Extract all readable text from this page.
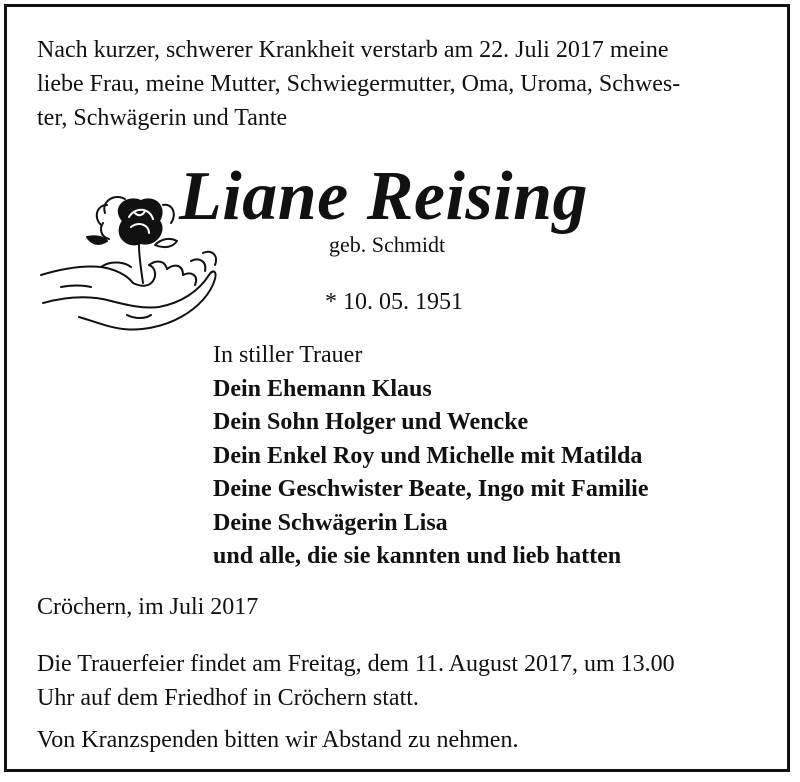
Nach kurzer, schwerer Krankheit verstarb am 22. Juli 2017 meine
liebe Frau, meine Mutter, Schwiegermutter, Oma, Uroma, Schwes-
ter, Schwägerin und Tante
Liane Reising
geb. Schmidt
* 10. 05. 1951
In stiller Trauer
Dein Ehemann Klaus
Dein Sohn Holger und Wencke
Dein Enkel Roy und Michelle mit Matilda
Deine Geschwister Beate, Ingo mit Familie
Deine Schwägerin Lisa
und alle, die sie kannten und lieb hatten
Cröchern, im Juli 2017
Die Trauerfeier findet am Freitag, dem 11. August 2017, um 13.00
Uhr auf dem Friedhof in Cröchern statt.
Von Kranzspenden bitten wir Abstand zu nehmen.
